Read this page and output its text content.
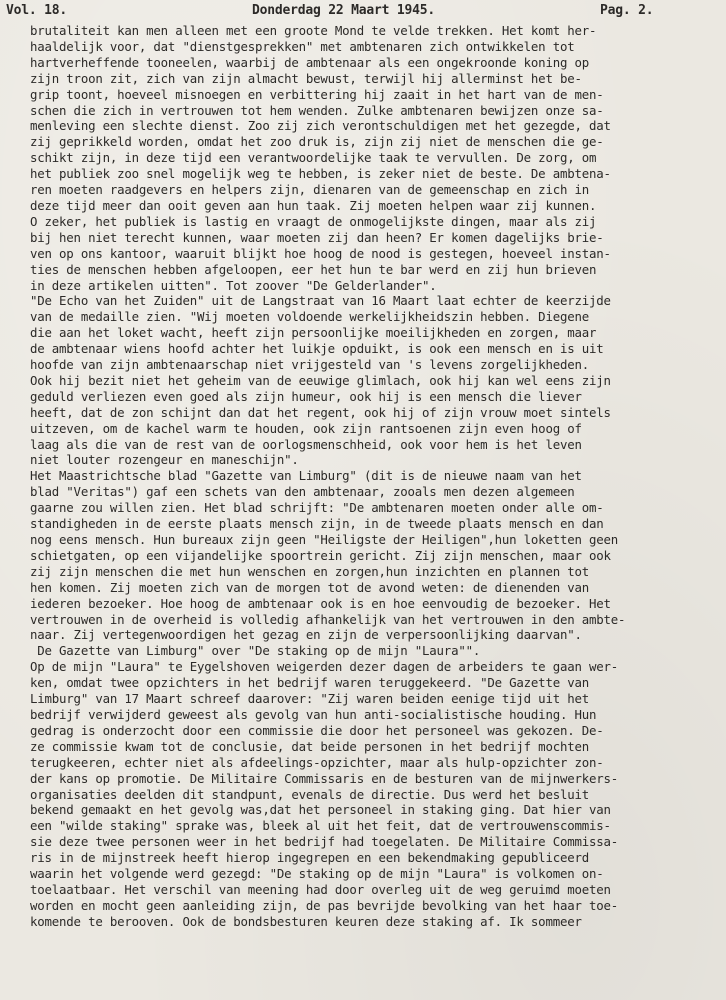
Vol. 18.	Donderdag 22 Maart 1945.	Pag. 2.
brutaliteit kan men alleen met een groote Mond te velde trekken. Het komt her-
haaldelijk voor, dat "dienstgesprekken" met ambtenaren zich ontwikkelen tot
hartverheffende tooneelen, waarbij de ambtenaar als een ongekroonde koning op
zijn troon zit, zich van zijn almacht bewust, terwijl hij allerminst het be-
grip toont, hoeveel misnoegen en verbittering hij zaait in het hart van de men-
schen die zich in vertrouwen tot hem wenden. Zulke ambtenaren bewijzen onze sa-
menleving een slechte dienst. Zoo zij zich verontschuldigen met het gezegde, dat
zij geprikkeld worden, omdat het zoo druk is, zijn zij niet de menschen die ge-
schikt zijn, in deze tijd een verantwoordelijke taak te vervullen. De zorg, om
het publiek zoo snel mogelijk weg te hebben, is zeker niet de beste. De ambtena-
ren moeten raadgevers en helpers zijn, dienaren van de gemeenschap en zich in
deze tijd meer dan ooit geven aan hun taak. Zij moeten helpen waar zij kunnen.
O zeker, het publiek is lastig en vraagt de onmogelijkste dingen, maar als zij
bij hen niet terecht kunnen, waar moeten zij dan heen? Er komen dagelijks brie-
ven op ons kantoor, waaruit blijkt hoe hoog de nood is gestegen, hoeveel instan-
ties de menschen hebben afgeloopen, eer het hun te bar werd en zij hun brieven
in deze artikelen uitten". Tot zoover "De Gelderlander".
"De Echo van het Zuiden" uit de Langstraat van 16 Maart laat echter de keerzijde
van de medaille zien. "Wij moeten voldoende werkelijkheidszin hebben. Diegene
die aan het loket wacht, heeft zijn persoonlijke moeilijkheden en zorgen, maar
de ambtenaar wiens hoofd achter het luikje opduikt, is ook een mensch en is uit
hoofde van zijn ambtenaarschap niet vrijgesteld van 's levens zorgelijkheden.
Ook hij bezit niet het geheim van de eeuwige glimlach, ook hij kan wel eens zijn
geduld verliezen even goed als zijn humeur, ook hij is een mensch die liever
heeft, dat de zon schijnt dan dat het regent, ook hij of zijn vrouw moet sintels
uitzeven, om de kachel warm te houden, ook zijn rantsoenen zijn even hoog of
laag als die van de rest van de oorlogsmenschheid, ook voor hem is het leven
niet louter rozengeur en maneschijn".
Het Maastrichtsche blad "Gazette van Limburg" (dit is de nieuwe naam van het
blad "Veritas") gaf een schets van den ambtenaar, zooals men dezen algemeen
gaarne zou willen zien. Het blad schrijft: "De ambtenaren moeten onder alle om-
standigheden in de eerste plaats mensch zijn, in de tweede plaats mensch en dan
nog eens mensch. Hun bureaux zijn geen "Heiligste der Heiligen",hun loketten geen
schietgaten, op een vijandelijke spoortrein gericht. Zij zijn menschen, maar ook
zij zijn menschen die met hun wenschen en zorgen,hun inzichten en plannen tot
hen komen. Zij moeten zich van de morgen tot de avond weten: de dienenden van
iederen bezoeker. Hoe hoog de ambtenaar ook is en hoe eenvoudig de bezoeker. Het
vertrouwen in de overheid is volledig afhankelijk van het vertrouwen in den ambte-
naar. Zij vertegenwoordigen het gezag en zijn de verpersoonlijking daarvan".
De Gazette van Limburg" over "De staking op de mijn "Laura"".
Op de mijn "Laura" te Eygelshoven weigerden dezer dagen de arbeiders te gaan wer-
ken, omdat twee opzichters in het bedrijf waren teruggekeerd. "De Gazette van
Limburg" van 17 Maart schreef daarover: "Zij waren beiden eenige tijd uit het
bedrijf verwijderd geweest als gevolg van hun anti-socialistische houding. Hun
gedrag is onderzocht door een commissie die door het personeel was gekozen. De-
ze commissie kwam tot de conclusie, dat beide personen in het bedrijf mochten
terugkeeren, echter niet als afdeelings-opzichter, maar als hulp-opzichter zon-
der kans op promotie. De Militaire Commissaris en de besturen van de mijnwerkers-
organisaties deelden dit standpunt, evenals de directie. Dus werd het besluit
bekend gemaakt en het gevolg was,dat het personeel in staking ging. Dat hier van
een "wilde staking" sprake was, bleek al uit het feit, dat de vertrouwenscommis-
sie deze twee personen weer in het bedrijf had toegelaten. De Militaire Commissa-
ris in de mijnstreek heeft hierop ingegrepen en een bekendmaking gepubliceerd
waarin het volgende werd gezegd: "De staking op de mijn "Laura" is volkomen on-
toelaatbaar. Het verschil van meening had door overleg uit de weg geruimd moeten
worden en mocht geen aanleiding zijn, de pas bevrijde bevolking van het haar toe-
komende te berooven. Ook de bondsbesturen keuren deze staking af. Ik sommeer
